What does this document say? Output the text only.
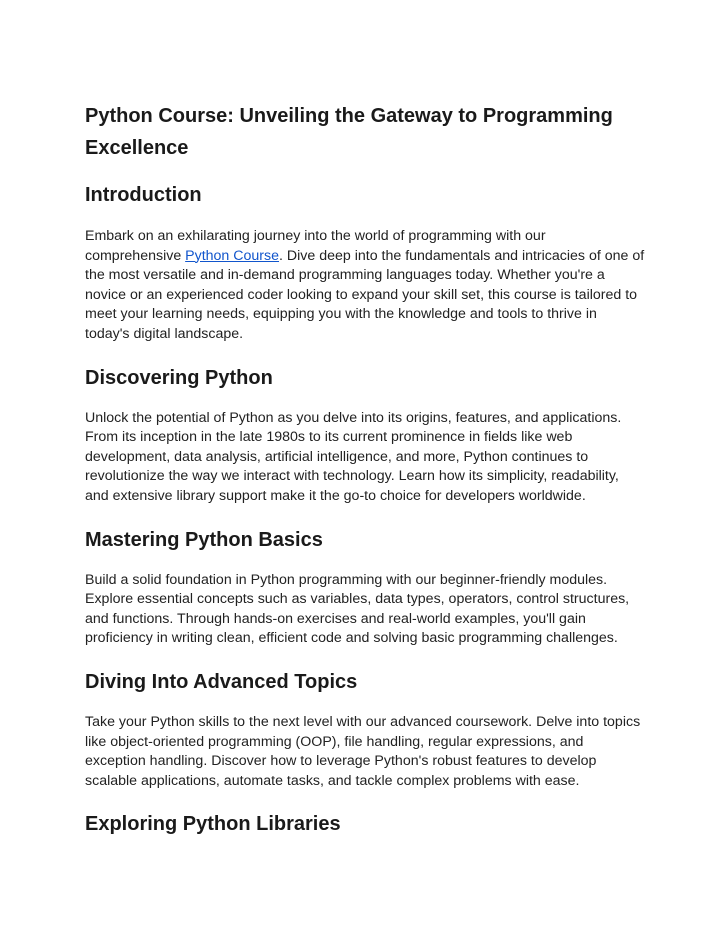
Python Course: Unveiling the Gateway to Programming Excellence
Introduction

Embark on an exhilarating journey into the world of programming with our comprehensive Python Course. Dive deep into the fundamentals and intricacies of one of the most versatile and in-demand programming languages today. Whether you're a novice or an experienced coder looking to expand your skill set, this course is tailored to meet your learning needs, equipping you with the knowledge and tools to thrive in today's digital landscape.

Discovering Python

Unlock the potential of Python as you delve into its origins, features, and applications. From its inception in the late 1980s to its current prominence in fields like web development, data analysis, artificial intelligence, and more, Python continues to revolutionize the way we interact with technology. Learn how its simplicity, readability, and extensive library support make it the go-to choice for developers worldwide.

Mastering Python Basics

Build a solid foundation in Python programming with our beginner-friendly modules. Explore essential concepts such as variables, data types, operators, control structures, and functions. Through hands-on exercises and real-world examples, you'll gain proficiency in writing clean, efficient code and solving basic programming challenges.

Diving Into Advanced Topics

Take your Python skills to the next level with our advanced coursework. Delve into topics like object-oriented programming (OOP), file handling, regular expressions, and exception handling. Discover how to leverage Python's robust features to develop scalable applications, automate tasks, and tackle complex problems with ease.

Exploring Python Libraries
